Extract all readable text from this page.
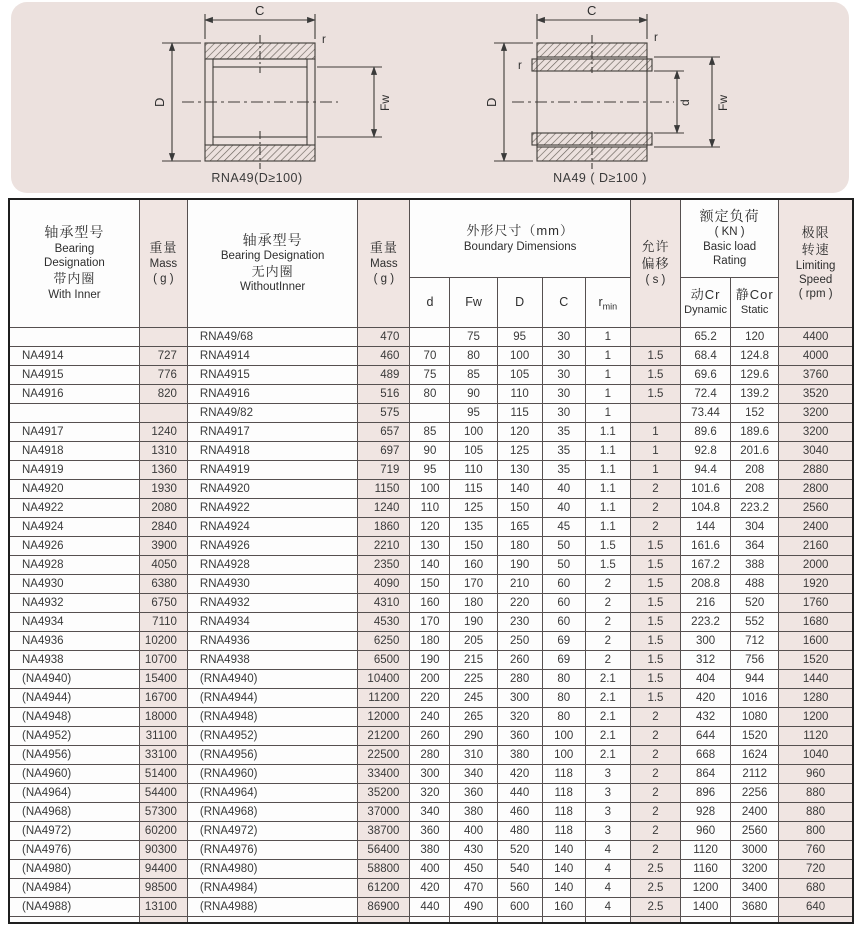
C
r
D	Fw
RNA49(D≥100)
C
r
r
D	d Fw
NA49 ( D≥100 )
轴承型号
Bearing
Designation
带内圈
With Inner

重量
Mass
( g )

轴承型号
Bearing Designation
无内圈
WithoutInner

重量
Mass
( g )

外形尺寸（mm）
Boundary Dimensions	允许
偏移
( s )

额定负荷
( KN )
Basic load
Rating

极限
转速
Limiting
Speed
( rpm )

d	Fw	D	C	$r_{min}$	
动Cr
Dynamic

静Cor
Static

		RNA49/68	470		75	95	30	1		65.2	120	4400
NA4914	727	RNA4914	460	70	80	100	30	1	1.5	68.4	124.8	4000
NA4915	776	RNA4915	489	75	85	105	30	1	1.5	69.6	129.6	3760
NA4916	820	RNA4916	516	80	90	110	30	1	1.5	72.4	139.2	3520
		RNA49/82	575		95	115	30	1		73.44	152	3200
NA4917	1240	RNA4917	657	85	100	120	35	1.1	1	89.6	189.6	3200
NA4918	1310	RNA4918	697	90	105	125	35	1.1	1	92.8	201.6	3040
NA4919	1360	RNA4919	719	95	110	130	35	1.1	1	94.4	208	2880
NA4920	1930	RNA4920	1150	100	115	140	40	1.1	2	101.6	208	2800
NA4922	2080	RNA4922	1240	110	125	150	40	1.1	2	104.8	223.2	2560
NA4924	2840	RNA4924	1860	120	135	165	45	1.1	2	144	304	2400
NA4926	3900	RNA4926	2210	130	150	180	50	1.5	1.5	161.6	364	2160
NA4928	4050	RNA4928	2350	140	160	190	50	1.5	1.5	167.2	388	2000
NA4930	6380	RNA4930	4090	150	170	210	60	2	1.5	208.8	488	1920
NA4932	6750	RNA4932	4310	160	180	220	60	2	1.5	216	520	1760
NA4934	7110	RNA4934	4530	170	190	230	60	2	1.5	223.2	552	1680
NA4936	10200	RNA4936	6250	180	205	250	69	2	1.5	300	712	1600
NA4938	10700	RNA4938	6500	190	215	260	69	2	1.5	312	756	1520
(NA4940)	15400	(RNA4940)	10400	200	225	280	80	2.1	1.5	404	944	1440
(NA4944)	16700	(RNA4944)	11200	220	245	300	80	2.1	1.5	420	1016	1280
(NA4948)	18000	(RNA4948)	12000	240	265	320	80	2.1	2	432	1080	1200
(NA4952)	31100	(RNA4952)	21200	260	290	360	100	2.1	2	644	1520	1120
(NA4956)	33100	(RNA4956)	22500	280	310	380	100	2.1	2	668	1624	1040
(NA4960)	51400	(RNA4960)	33400	300	340	420	118	3	2	864	2112	960
(NA4964)	54400	(RNA4964)	35200	320	360	440	118	3	2	896	2256	880
(NA4968)	57300	(RNA4968)	37000	340	380	460	118	3	2	928	2400	880
(NA4972)	60200	(RNA4972)	38700	360	400	480	118	3	2	960	2560	800
(NA4976)	90300	(RNA4976)	56400	380	430	520	140	4	2	1120	3000	760
(NA4980)	94400	(RNA4980)	58800	400	450	540	140	4	2.5	1160	3200	720
(NA4984)	98500	(RNA4984)	61200	420	470	560	140	4	2.5	1200	3400	680
(NA4988)	13100	(RNA4988)	86900	440	490	600	160	4	2.5	1400	3680	640
